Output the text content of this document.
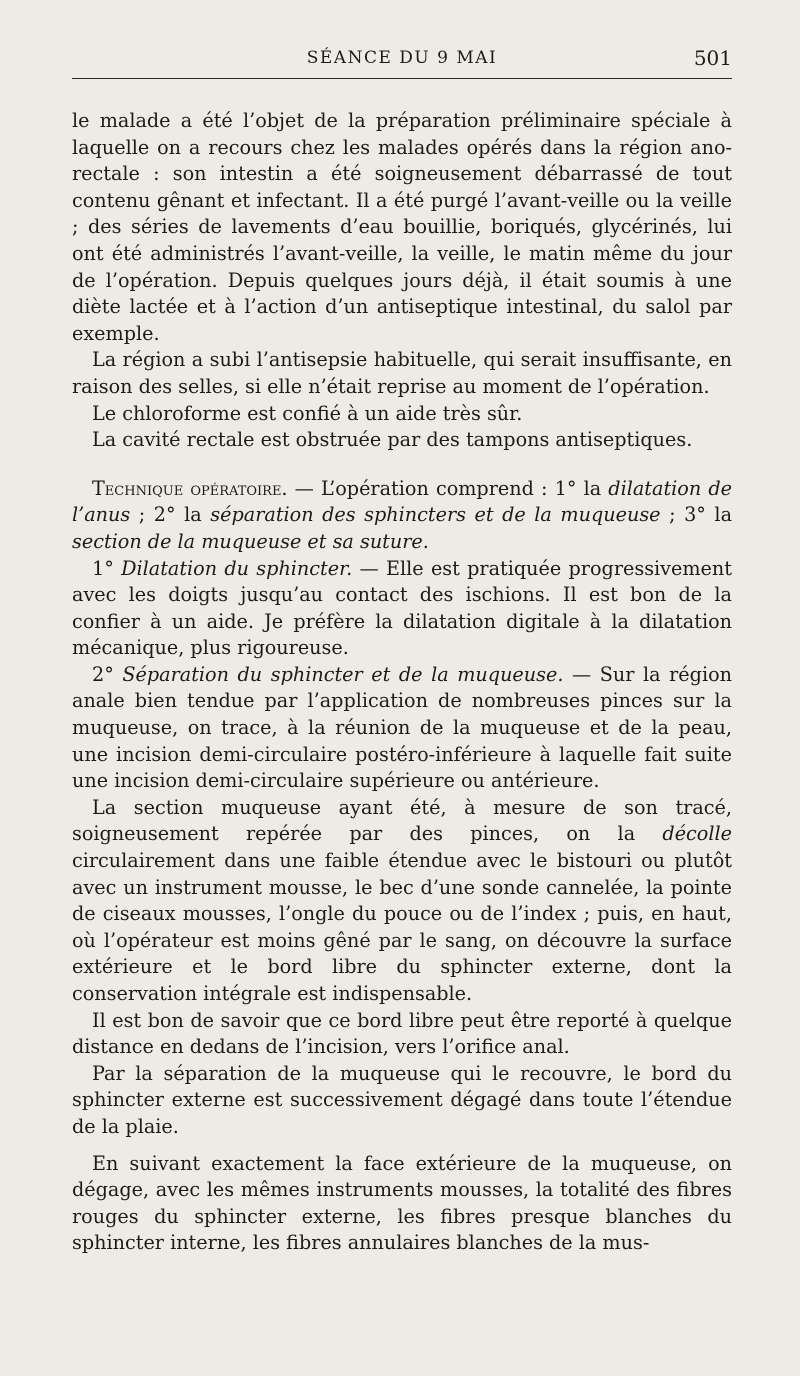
SÉANCE DU 9 MAI	501

le malade a été l’objet de la préparation préliminaire spéciale à laquelle on a recours chez les malades opérés dans la région ano-rectale : son intestin a été soigneusement débarrassé de tout contenu gênant et infectant. Il a été purgé l’avant-veille ou la veille ; des séries de lavements d’eau bouillie, boriqués, glycérinés, lui ont été administrés l’avant-veille, la veille, le matin même du jour de l’opération. Depuis quelques jours déjà, il était soumis à une diète lactée et à l’action d’un antiseptique intestinal, du salol par exemple.

La région a subi l’antisepsie habituelle, qui serait insuffisante, en raison des selles, si elle n’était reprise au moment de l’opération.

Le chloroforme est confié à un aide très sûr.

La cavité rectale est obstruée par des tampons antiseptiques.

Technique opératoire. — L’opération comprend : 1° la dilatation de l’anus ; 2° la séparation des sphincters et de la muqueuse ; 3° la section de la muqueuse et sa suture.

1° Dilatation du sphincter. — Elle est pratiquée progressivement avec les doigts jusqu’au contact des ischions. Il est bon de la confier à un aide. Je préfère la dilatation digitale à la dilatation mécanique, plus rigoureuse.

2° Séparation du sphincter et de la muqueuse. — Sur la région anale bien tendue par l’application de nombreuses pinces sur la muqueuse, on trace, à la réunion de la muqueuse et de la peau, une incision demi-circulaire postéro-inférieure à laquelle fait suite une incision demi-circulaire supérieure ou antérieure.

La section muqueuse ayant été, à mesure de son tracé, soigneusement repérée par des pinces, on la décolle circulairement dans une faible étendue avec le bistouri ou plutôt avec un instrument mousse, le bec d’une sonde cannelée, la pointe de ciseaux mousses, l’ongle du pouce ou de l’index ; puis, en haut, où l’opérateur est moins gêné par le sang, on découvre la surface extérieure et le bord libre du sphincter externe, dont la conservation intégrale est indispensable.

Il est bon de savoir que ce bord libre peut être reporté à quelque distance en dedans de l’incision, vers l’orifice anal.

Par la séparation de la muqueuse qui le recouvre, le bord du sphincter externe est successivement dégagé dans toute l’étendue de la plaie.

En suivant exactement la face extérieure de la muqueuse, on dégage, avec les mêmes instruments mousses, la totalité des fibres rouges du sphincter externe, les fibres presque blanches du sphincter interne, les fibres annulaires blanches de la mus-
